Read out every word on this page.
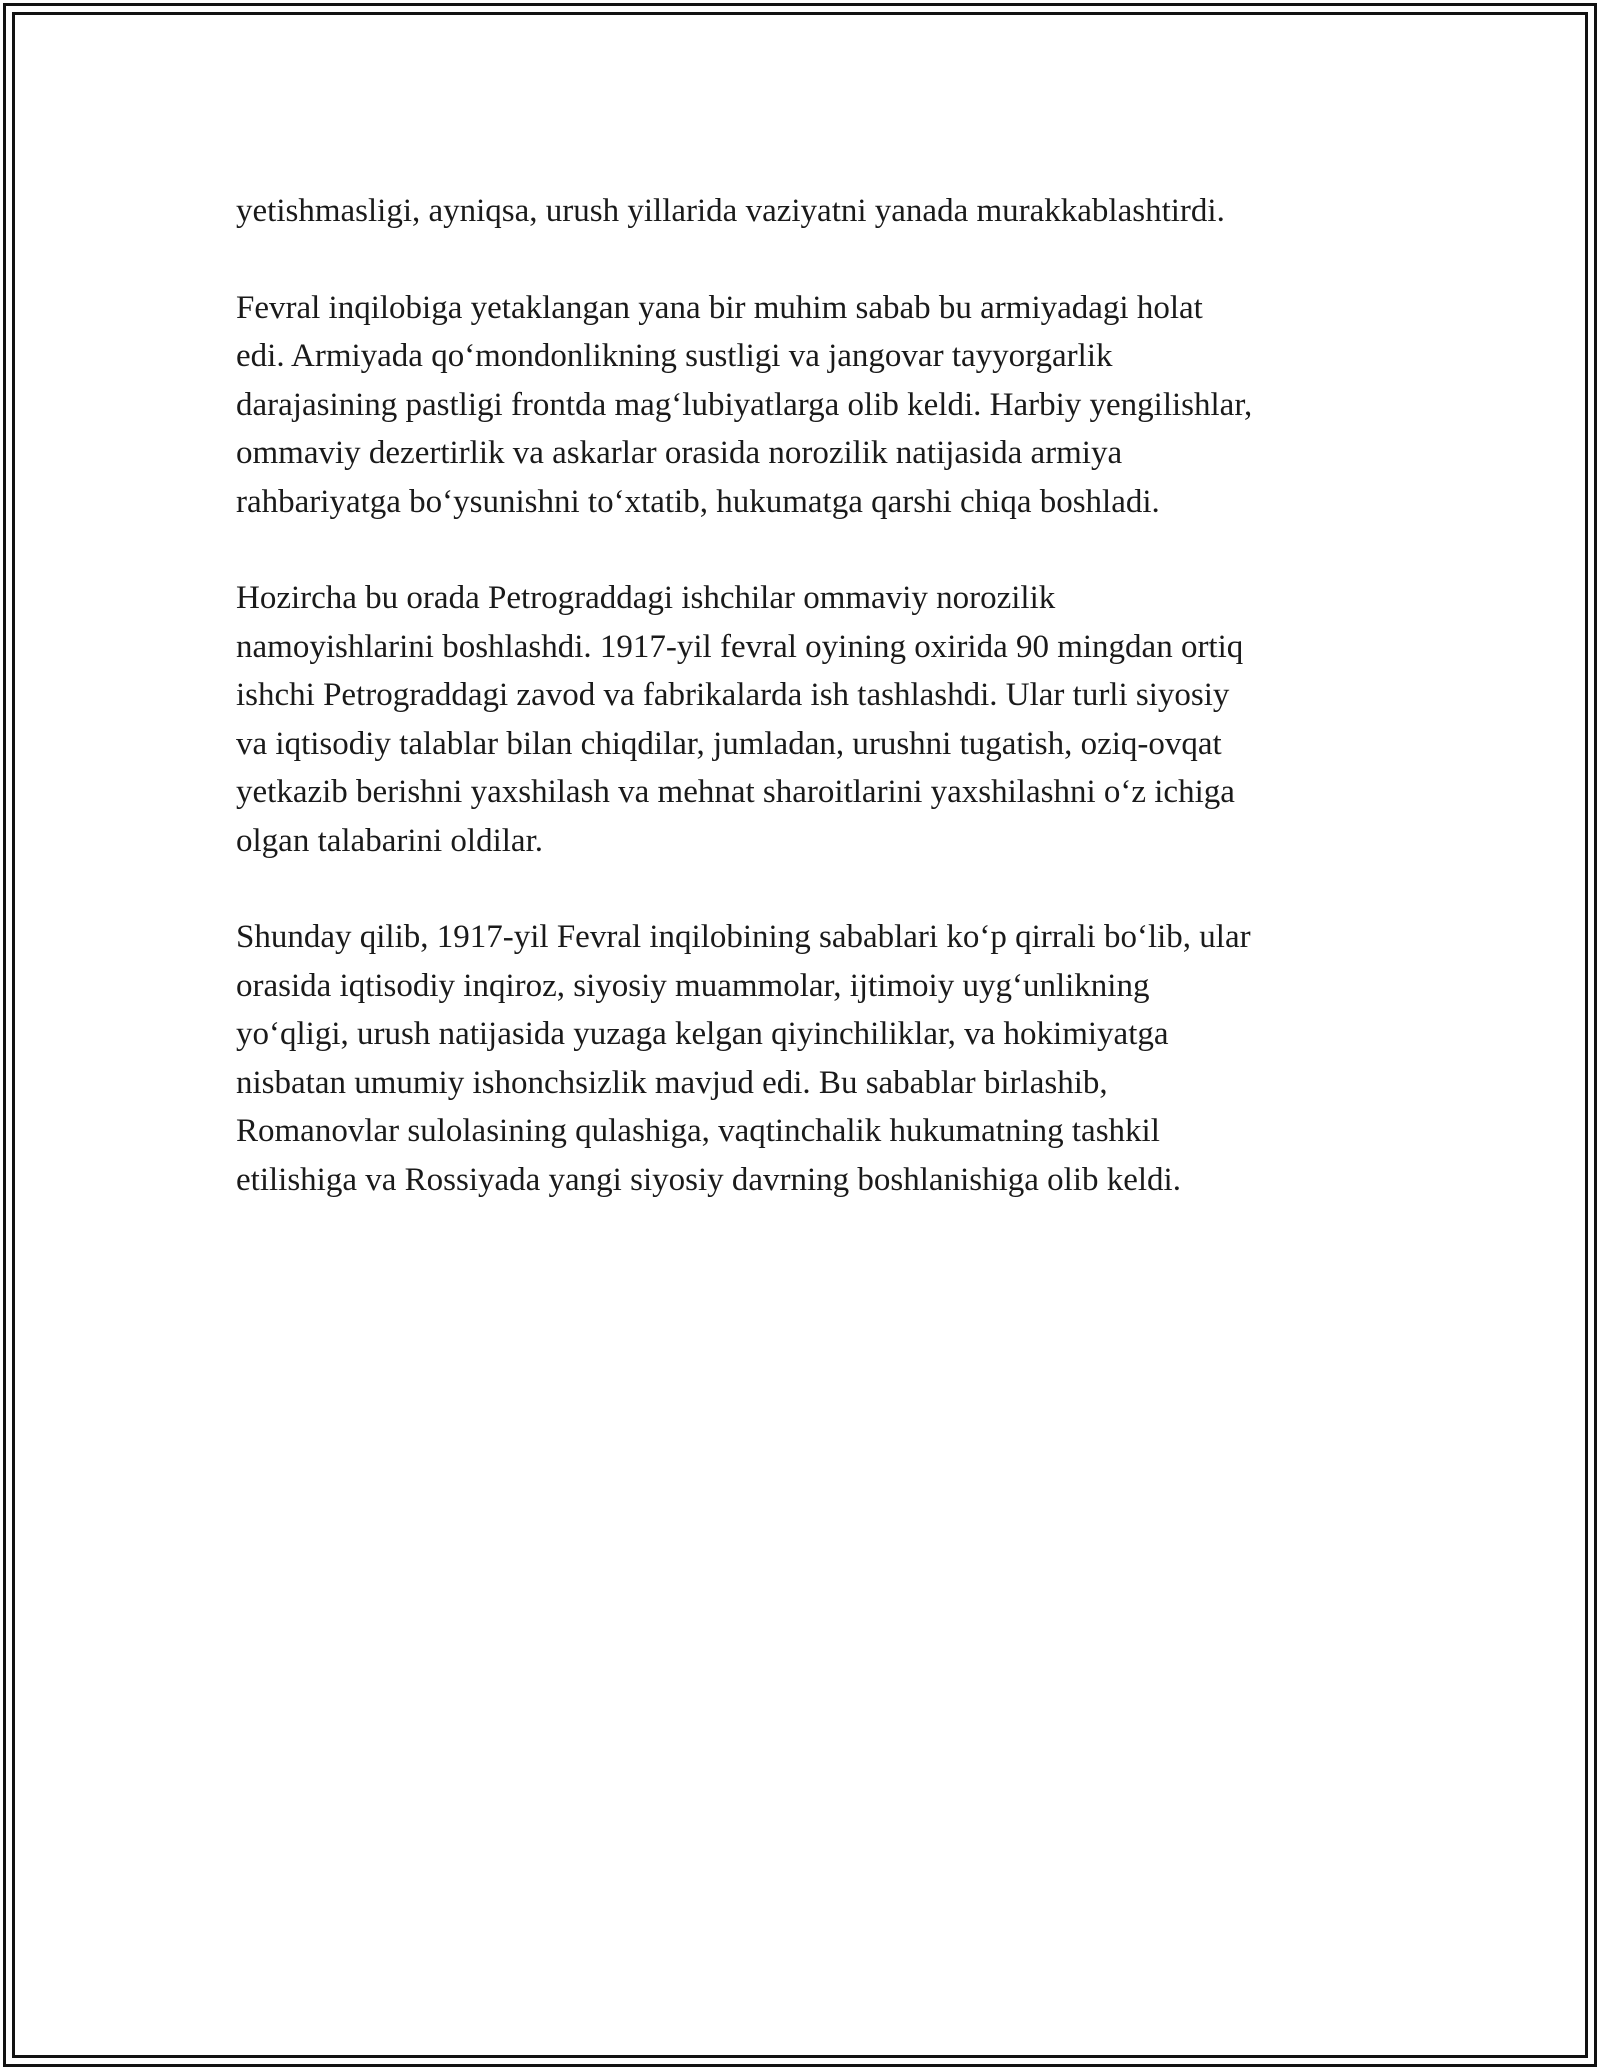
yetishmasligi, ayniqsa, urush yillarida vaziyatni yanada murakkablashtirdi.

Fevral inqilobiga yetaklangan yana bir muhim sabab bu armiyadagi holat
edi. Armiyada qo‘mondonlikning sustligi va jangovar tayyorgarlik
darajasining pastligi frontda mag‘lubiyatlarga olib keldi. Harbiy yengilishlar,
ommaviy dezertirlik va askarlar orasida norozilik natijasida armiya
rahbariyatga bo‘ysunishni to‘xtatib, hukumatga qarshi chiqa boshladi.

Hozircha bu orada Petrograddagi ishchilar ommaviy norozilik
namoyishlarini boshlashdi. 1917-yil fevral oyining oxirida 90 mingdan ortiq
ishchi Petrograddagi zavod va fabrikalarda ish tashlashdi. Ular turli siyosiy
va iqtisodiy talablar bilan chiqdilar, jumladan, urushni tugatish, oziq-ovqat
yetkazib berishni yaxshilash va mehnat sharoitlarini yaxshilashni o‘z ichiga
olgan talabarini oldilar.

Shunday qilib, 1917-yil Fevral inqilobining sabablari ko‘p qirrali bo‘lib, ular
orasida iqtisodiy inqiroz, siyosiy muammolar, ijtimoiy uyg‘unlikning
yo‘qligi, urush natijasida yuzaga kelgan qiyinchiliklar, va hokimiyatga
nisbatan umumiy ishonchsizlik mavjud edi. Bu sabablar birlashib,
Romanovlar sulolasining qulashiga, vaqtinchalik hukumatning tashkil
etilishiga va Rossiyada yangi siyosiy davrning boshlanishiga olib keldi.
